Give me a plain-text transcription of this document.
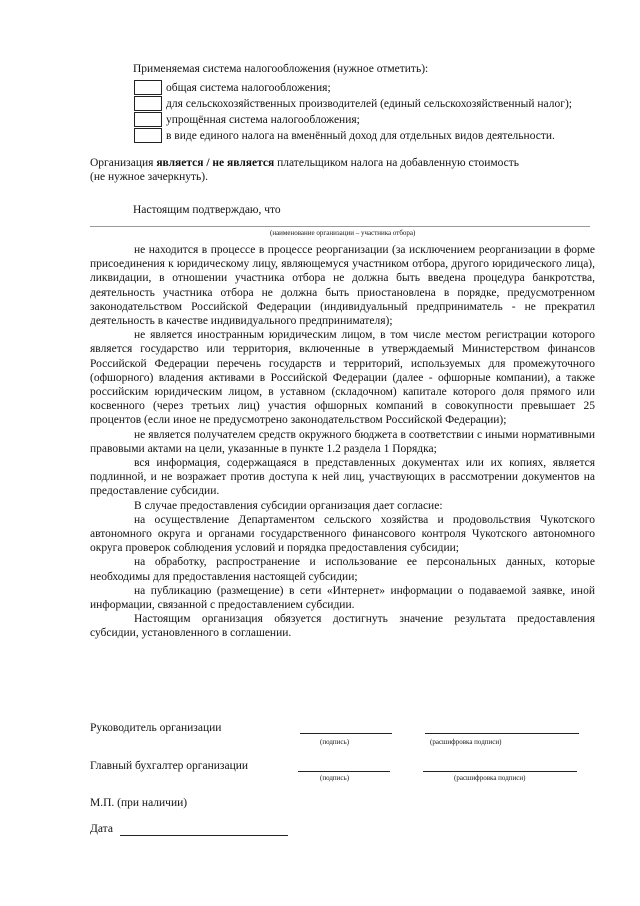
Применяемая система налогообложения (нужное отметить):
общая система налогообложения;
для сельскохозяйственных производителей (единый сельскохозяйственный налог);
упрощённая система налогообложения;
в виде единого налога на вменённый доход для отдельных видов деятельности.
Организация является / не является плательщиком налога на добавленную стоимость
(не нужное зачеркнуть).
Настоящим подтверждаю, что
(наименование организации – участника отбора)

не находится в процессе в процессе реорганизации (за исключением реорганизации в форме присоединения к юридическому лицу, являющемуся участником отбора, другого юридического лица), ликвидации, в отношении участника отбора не должна быть введена процедура банкротства, деятельность участника отбора не должна быть приостановлена в порядке, предусмотренном законодательством Российской Федерации (индивидуальный предприниматель - не прекратил деятельность в качестве индивидуального предпринимателя);

не является иностранным юридическим лицом, в том числе местом регистрации которого является государство или территория, включенные в утверждаемый Министерством финансов Российской Федерации перечень государств и территорий, используемых для промежуточного (офшорного) владения активами в Российской Федерации (далее - офшорные компании), а также российским юридическим лицом, в уставном (складочном) капитале которого доля прямого или косвенного (через третьих лиц) участия офшорных компаний в совокупности превышает 25 процентов (если иное не предусмотрено законодательством Российской Федерации);

не является получателем средств окружного бюджета в соответствии с иными нормативными правовыми актами на цели, указанные в пункте 1.2 раздела 1 Порядка;

вся информация, содержащаяся в представленных документах или их копиях, является подлинной, и не возражает против доступа к ней лиц, участвующих в рассмотрении документов на предоставление субсидии.

В случае предоставления субсидии организация дает согласие:

на осуществление Департаментом сельского хозяйства и продовольствия Чукотского автономного округа и органами государственного финансового контроля Чукотского автономного округа проверок соблюдения условий и порядка предоставления субсидии;

на обработку, распространение и использование ее персональных данных, которые необходимы для предоставления настоящей субсидии;

на публикацию (размещение) в сети «Интернет» информации о подаваемой заявке, иной информации, связанной с предоставлением субсидии.

Настоящим организация обязуется достигнуть значение результата предоставления субсидии, установленного в соглашении.

Руководитель организации
(подпись)	(расшифровка подписи)
Главный бухгалтер организации
(подпись)	(расшифровка подписи)
М.П. (при наличии)
Дата
